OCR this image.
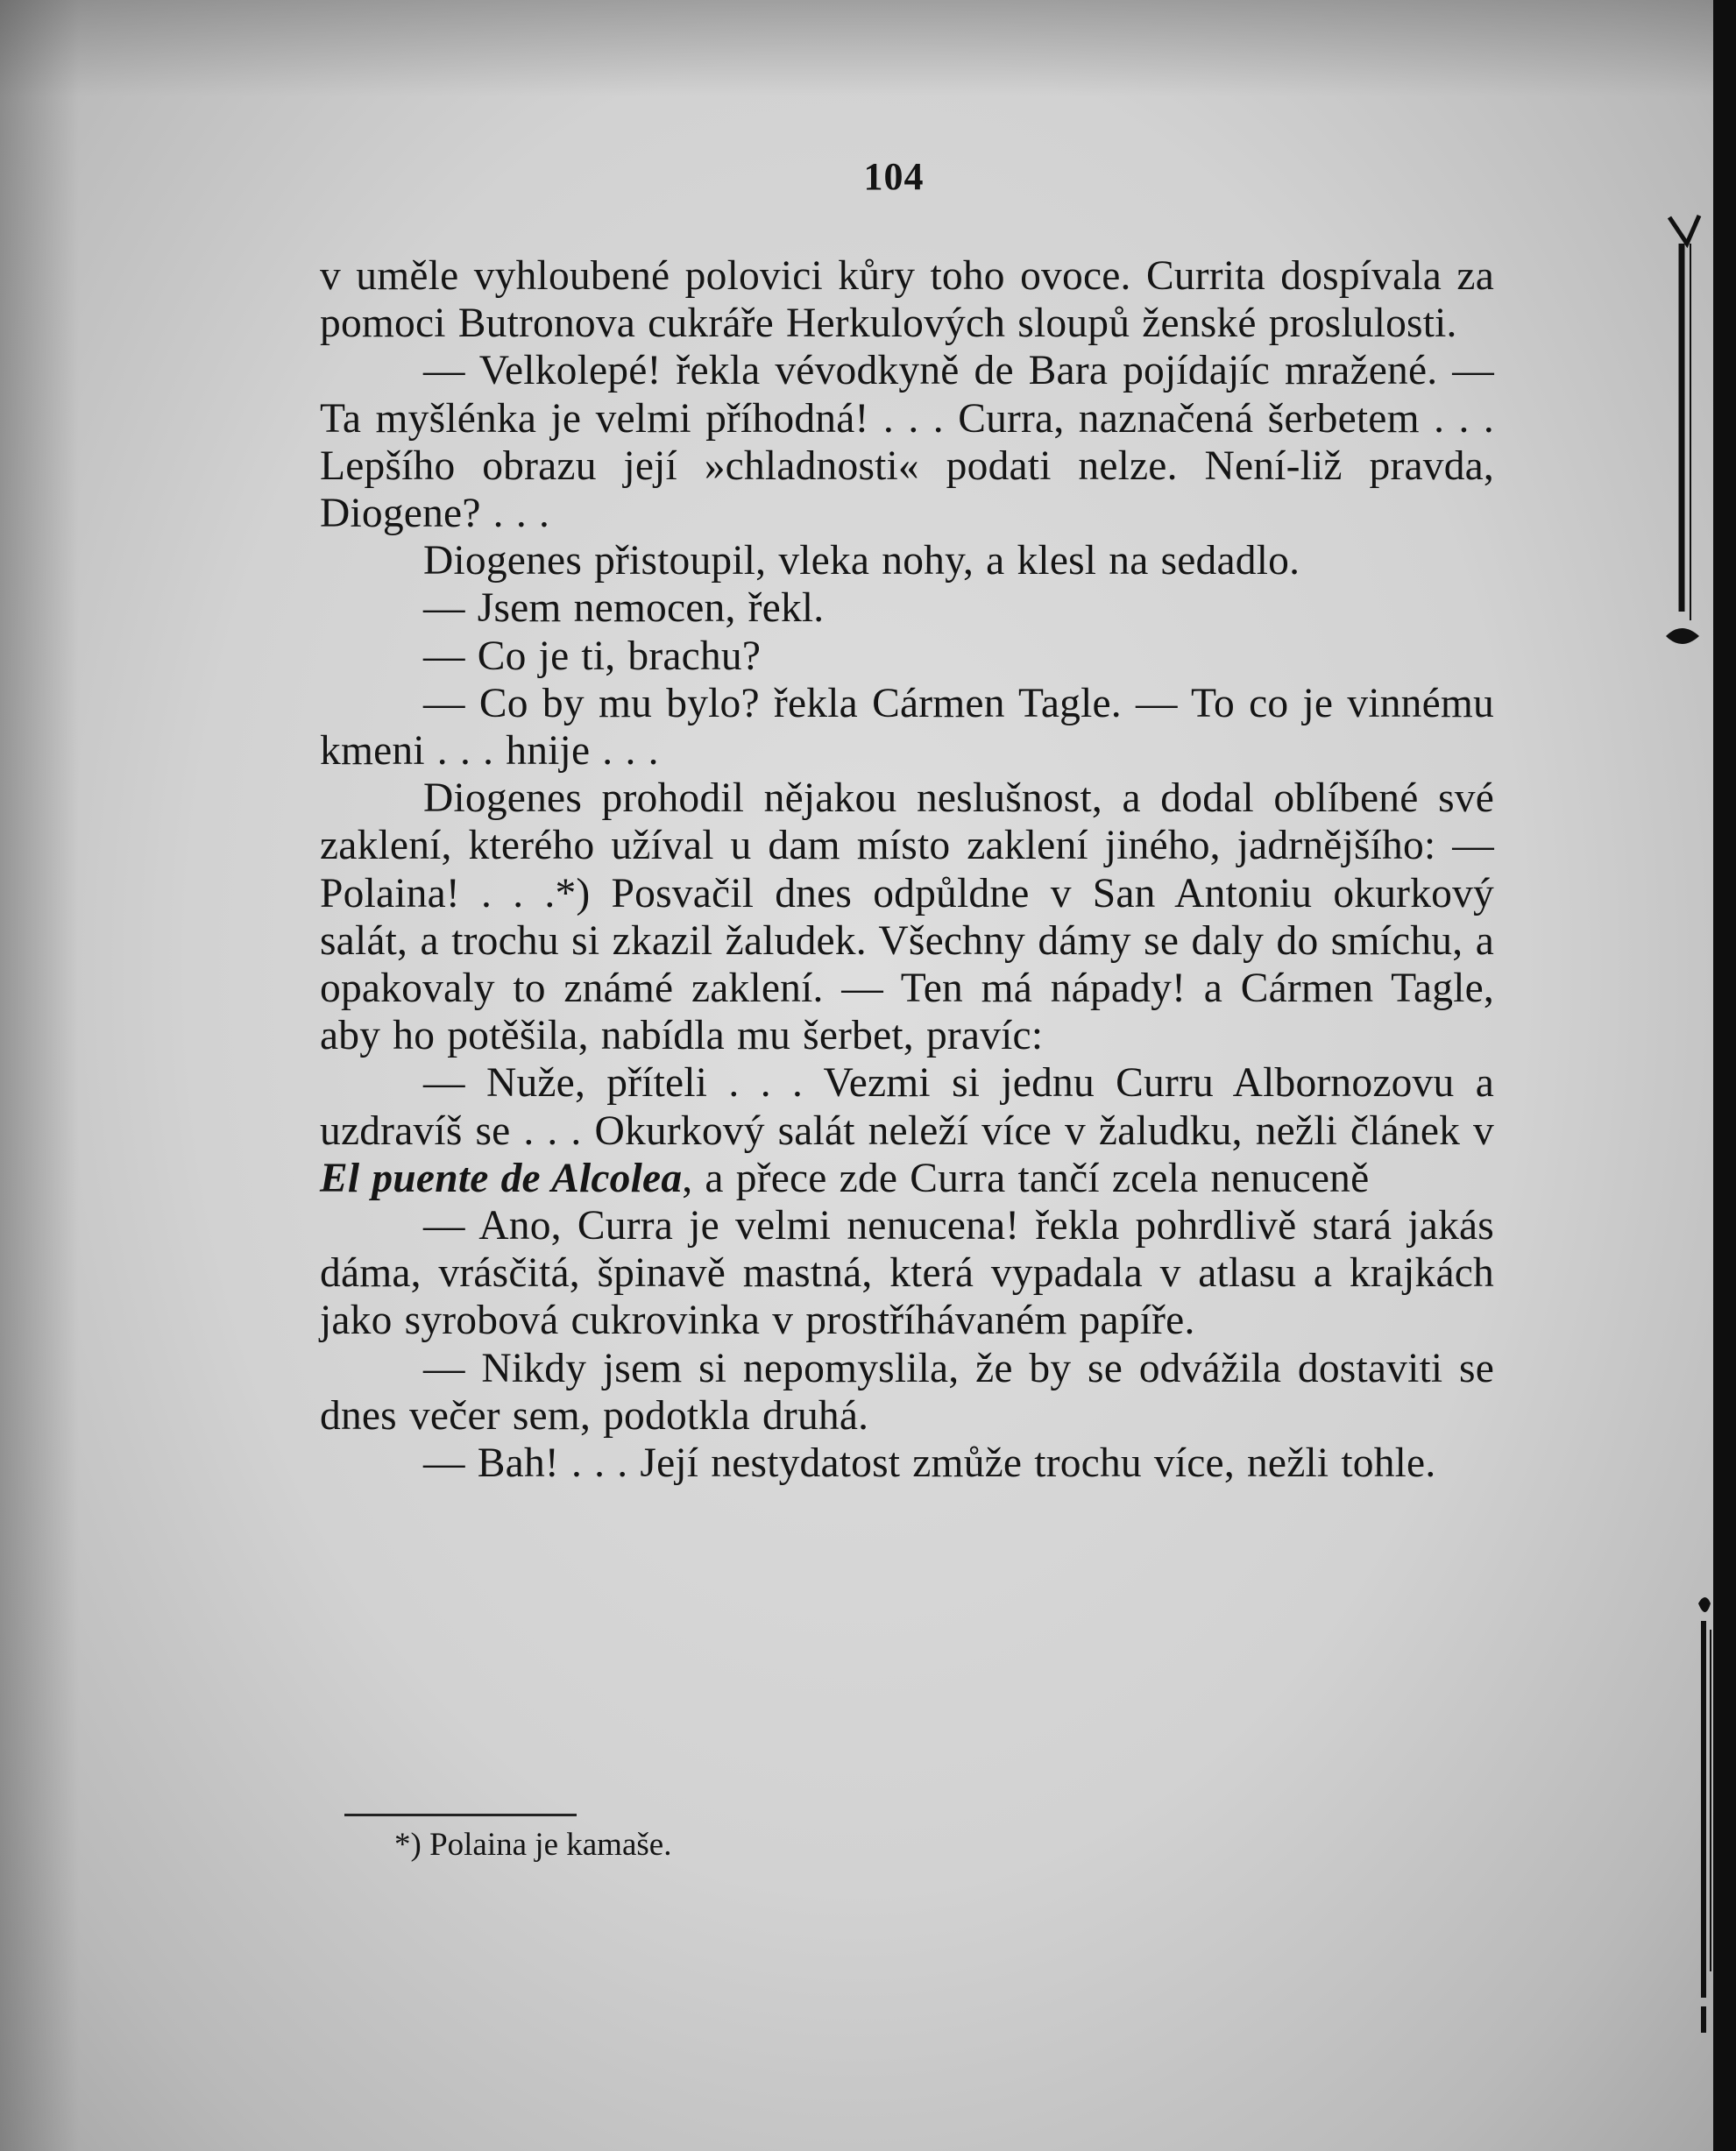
104

v uměle vyhloubené polovici kůry toho ovoce. Currita dospívala za pomoci Butronova cukráře Herkulových sloupů ženské proslulosti.

— Velkolepé! řekla vévodkyně de Bara pojídajíc mražené. — Ta myšlénka je velmi příhodná! . . . Curra, naznačená šerbetem . . . Lepšího obrazu její »chladnosti« podati nelze. Není-liž pravda, Diogene? . . .

Diogenes přistoupil, vleka nohy, a klesl na sedadlo.

— Jsem nemocen, řekl.

— Co je ti, brachu?

— Co by mu bylo? řekla Cármen Tagle. — To co je vinnému kmeni . . . hnije . . .

Diogenes prohodil nějakou neslušnost, a dodal oblíbené své zaklení, kterého užíval u dam místo zaklení jiného, jadrnějšího: — Polaina! . . .*) Posvačil dnes odpůldne v San Antoniu okurkový salát, a trochu si zkazil žaludek. Všechny dámy se daly do smíchu, a opakovaly to známé zaklení. — Ten má nápady! a Cármen Tagle, aby ho potěšila, nabídla mu šerbet, pravíc:

— Nuže, příteli . . . Vezmi si jednu Curru Albornozovu a uzdravíš se . . . Okurkový salát neleží více v žaludku, nežli článek v El puente de Alcolea, a přece zde Curra tančí zcela nenuceně

— Ano, Curra je velmi nenucena! řekla pohrdlivě stará jakás dáma, vrásčitá, špinavě mastná, která vypadala v atlasu a krajkách jako syrobová cukrovinka v prostříhávaném papíře.

— Nikdy jsem si nepomyslila, že by se odvážila dostaviti se dnes večer sem, podotkla druhá.

— Bah! . . . Její nestydatost zmůže trochu více, nežli tohle.

*) Polaina je kamaše.
